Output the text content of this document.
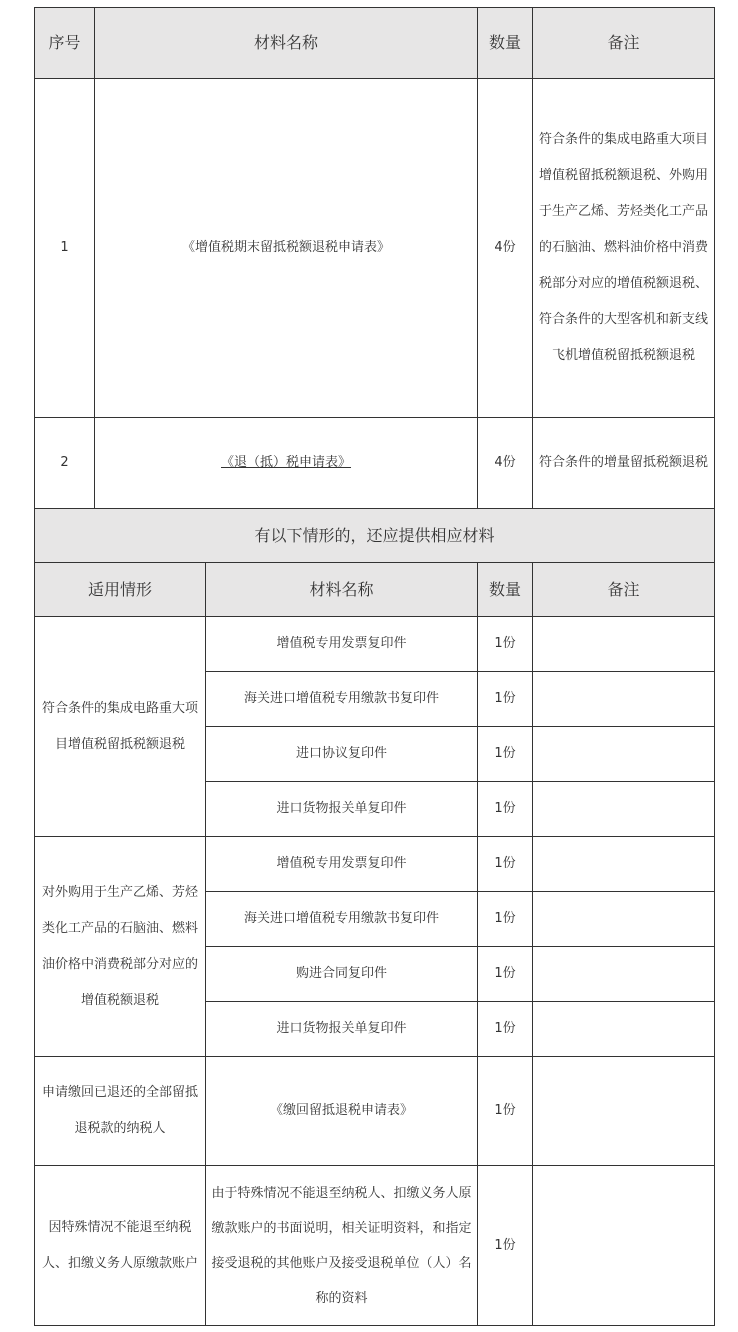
序号	材料名称		数量	备注
1	《增值税期末留抵税额退税申请表》		4份	符合条件的集成电路重大项目增值税留抵税额退税、外购用于生产乙烯、芳烃类化工产品的石脑油、燃料油价格中消费税部分对应的增值税额退税、符合条件的大型客机和新支线飞机增值税留抵税额退税
2	《退（抵）税申请表》		4份	符合条件的增量留抵税额退税
有以下情形的，还应提供相应材料				
适用情形		材料名称	数量	备注
符合条件的集成电路重大项目增值税留抵税额退税		增值税专用发票复印件	1份	
		海关进口增值税专用缴款书复印件	1份	
		进口协议复印件	1份	
		进口货物报关单复印件	1份	
对外购用于生产乙烯、芳烃类化工产品的石脑油、燃料油价格中消费税部分对应的增值税额退税		增值税专用发票复印件	1份	
		海关进口增值税专用缴款书复印件	1份	
		购进合同复印件	1份	
		进口货物报关单复印件	1份	
申请缴回已退还的全部留抵退税款的纳税人		《缴回留抵退税申请表》	1份	
因特殊情况不能退至纳税人、扣缴义务人原缴款账户		由于特殊情况不能退至纳税人、扣缴义务人原缴款账户的书面说明，相关证明资料，和指定接受退税的其他账户及接受退税单位（人）名称的资料	1份	
